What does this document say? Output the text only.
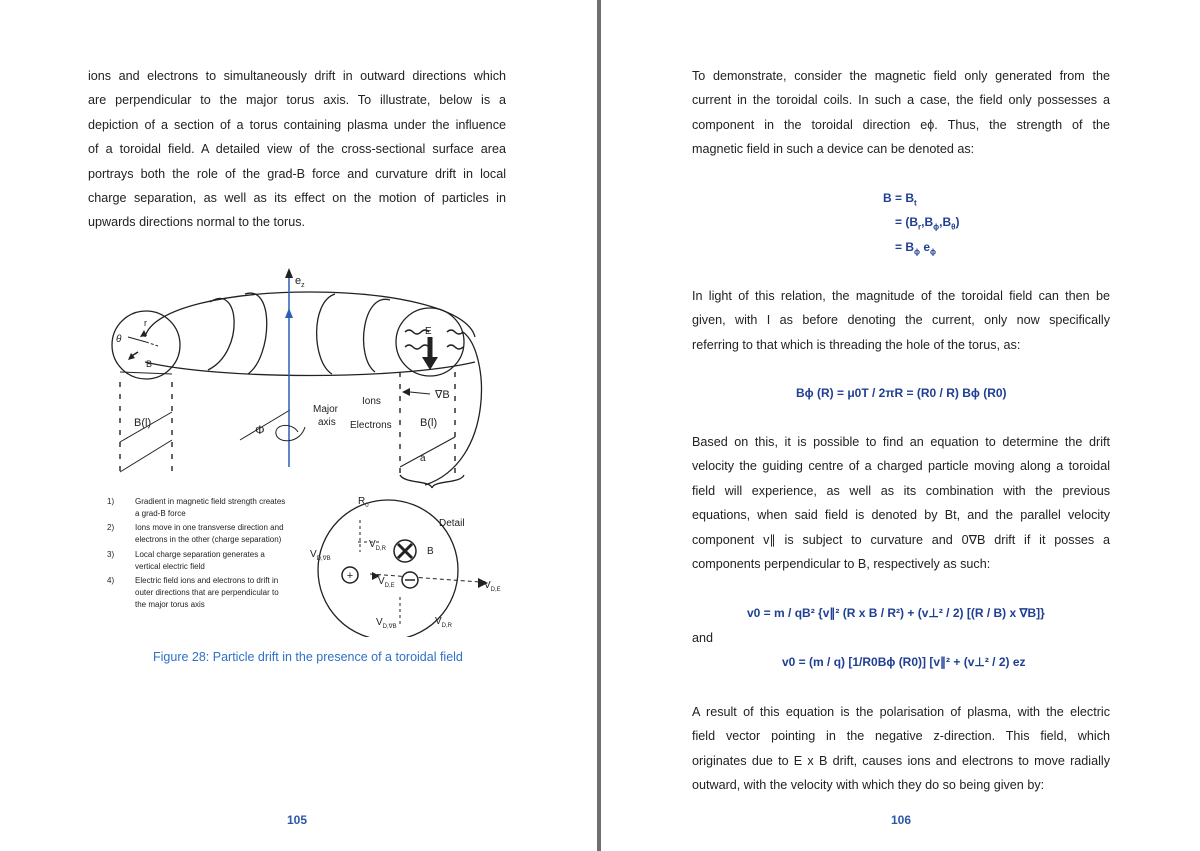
ions and electrons to simultaneously drift in outward directions which
are perpendicular to the major torus axis. To illustrate, below is a
depiction of a section of a torus containing plasma under the influence
of a toroidal field. A detailed view of the cross-sectional surface area
portrays both the role of the grad-B force and curvature drift in local
charge separation, as well as its effect on the motion of particles in
upwards directions normal to the torus.
+
$e_z$
r
θ
B
B(l)	Φ
Major
axis
Ions
Electrons
∇B
B(l)
a
E
$R_0$
Detail
$V_{D,R}$
$V_{D,\nabla B}$
B
$V_{D,E}$	$V_{D,E}$
$V_{D,\nabla B}$	$V_{D,R}$
1)	Gradient in magnetic field strength creates
a grad-B force
2)	Ions move in one transverse direction and
electrons in the other (charge separation)
3)	Local charge separation generates a
vertical electric field
4)	Electric field ions and electrons to drift in
outer directions that are perpendicular to
the major torus axis
Figure 28: Particle drift in the presence of a toroidal field
105
To demonstrate, consider the magnetic field only generated from the
current in the toroidal coils. In such a case, the field only possesses a
component in the toroidal direction eϕ. Thus, the strength of the
magnetic field in such a device can be denoted as:
$B = B_t$
= $(B_r,B_\phi,B_\theta)$
= $B_\phi$ $e_\phi$
In light of this relation, the magnitude of the toroidal field can then be
given, with I as before denoting the current, only now specifically
referring to that which is threading the hole of the torus, as:
Bϕ (R) = μ0T / 2πR = (R0 / R) Bϕ (R0)
Based on this, it is possible to find an equation to determine the drift
velocity the guiding centre of a charged particle moving along a toroidal
field will experience, as well as its combination with the previous
equations, when said field is denoted by Bt, and the parallel velocity
component v∥ is subject to curvature and 0∇B drift if it posses a
components perpendicular to B, respectively as such:
v0 = m / qB² {v∥² (R x B / R²) + (v⊥² / 2) [(R / B) x ∇B]}
and
v0 = (m / q) [1/R0Bϕ (R0)] [v∥² + (v⊥² / 2) ez
A result of this equation is the polarisation of plasma, with the electric
field vector pointing in the negative z-direction. This field, which
originates due to E x B drift, causes ions and electrons to move radially
outward, with the velocity with which they do so being given by:
106
